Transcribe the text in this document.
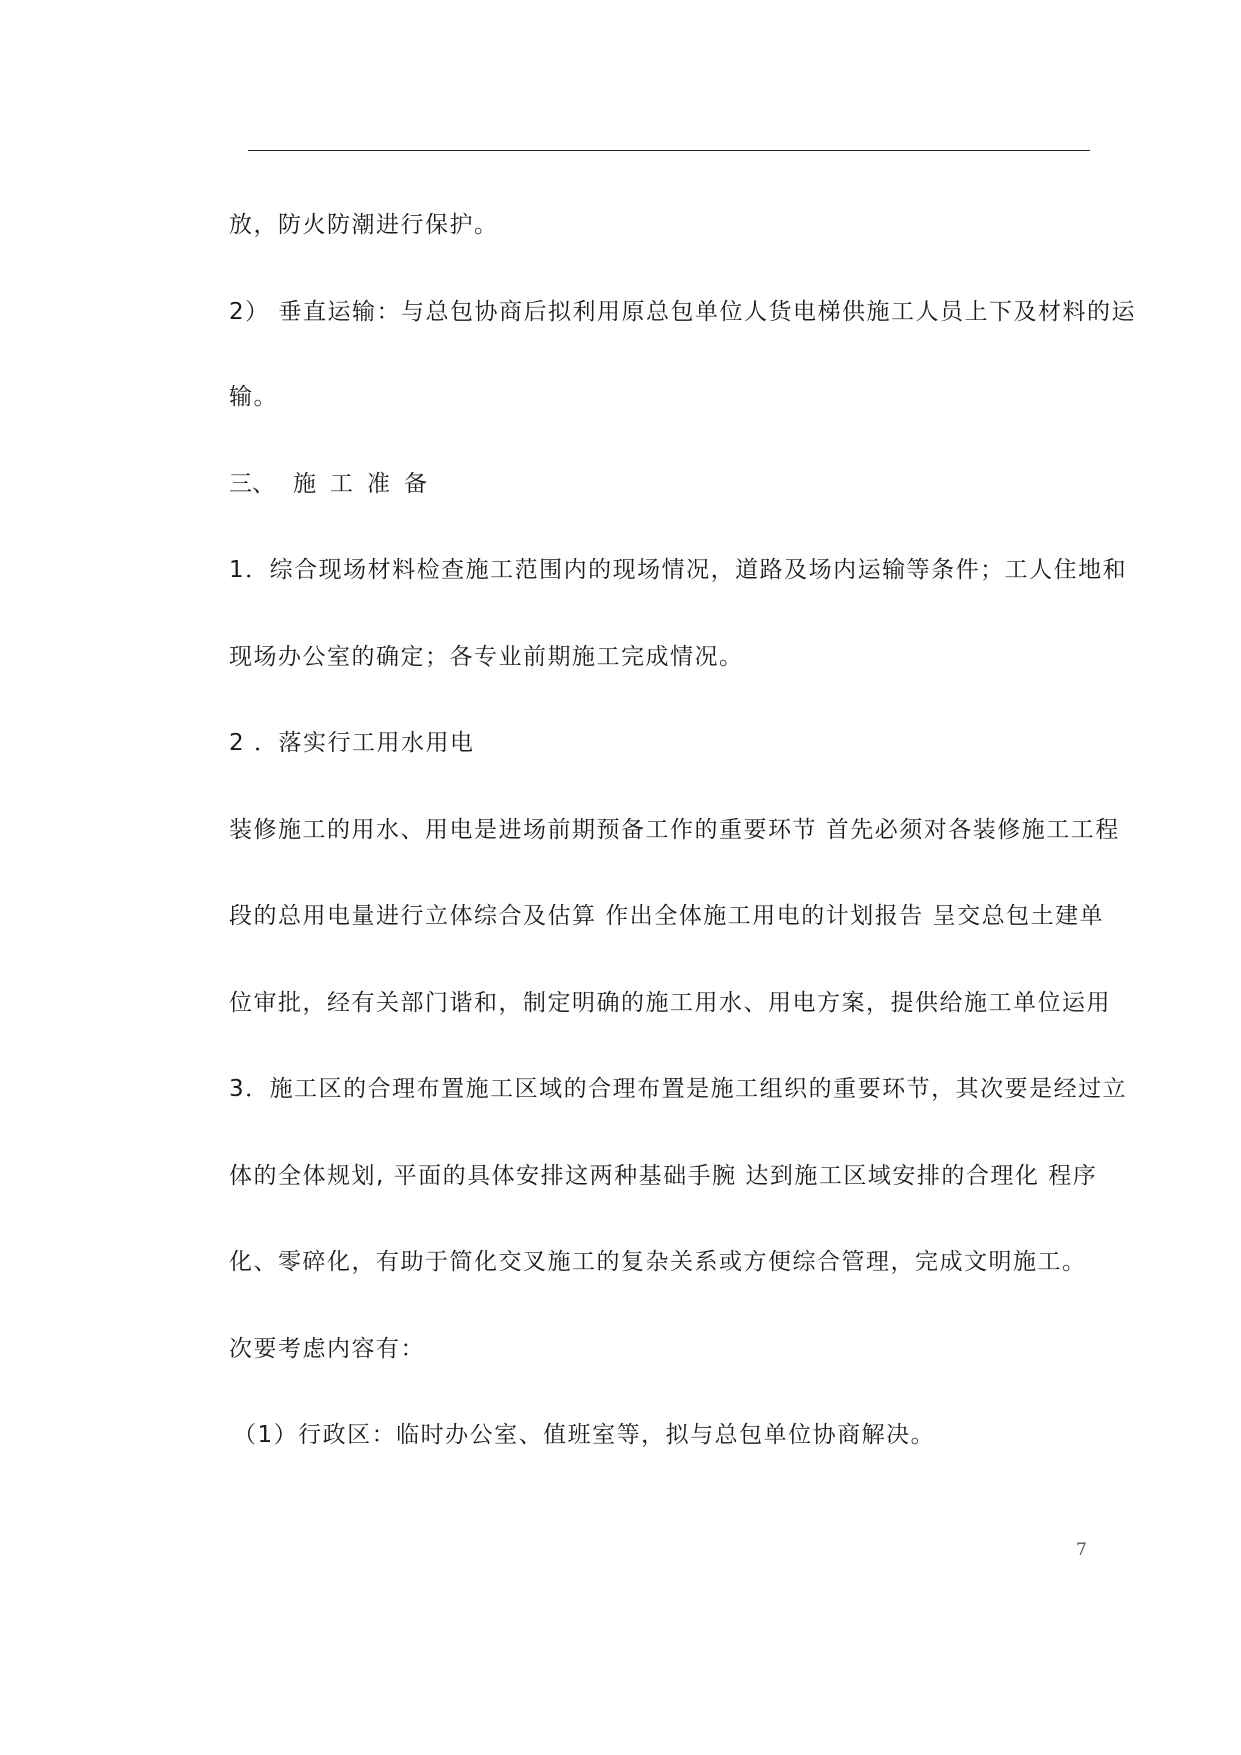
放，防火防潮进行保护。
2） 垂直运输：与总包协商后拟利用原总包单位人货电梯供施工人员上下及材料的运
输。
三、 施 工 准 备
1．综合现场材料检查施工范围内的现场情况，道路及场内运输等条件；工人住地和
现场办公室的确定；各专业前期施工完成情况。
2 ．落实行工用水用电
装修施工的用水、用电是进场前期预备工作的重要环节 首先必须对各装修施工工程
段的总用电量进行立体综合及估算 作出全体施工用电的计划报告 呈交总包土建单
位审批，经有关部门谐和，制定明确的施工用水、用电方案，提供给施工单位运用
3．施工区的合理布置施工区域的合理布置是施工组织的重要环节，其次要是经过立
体的全体规划, 平面的具体安排这两种基础手腕 达到施工区域安排的合理化 程序
化、零碎化，有助于简化交叉施工的复杂关系或方便综合管理，完成文明施工。
次要考虑内容有：
（1）行政区：临时办公室、值班室等，拟与总包单位协商解决。
7
